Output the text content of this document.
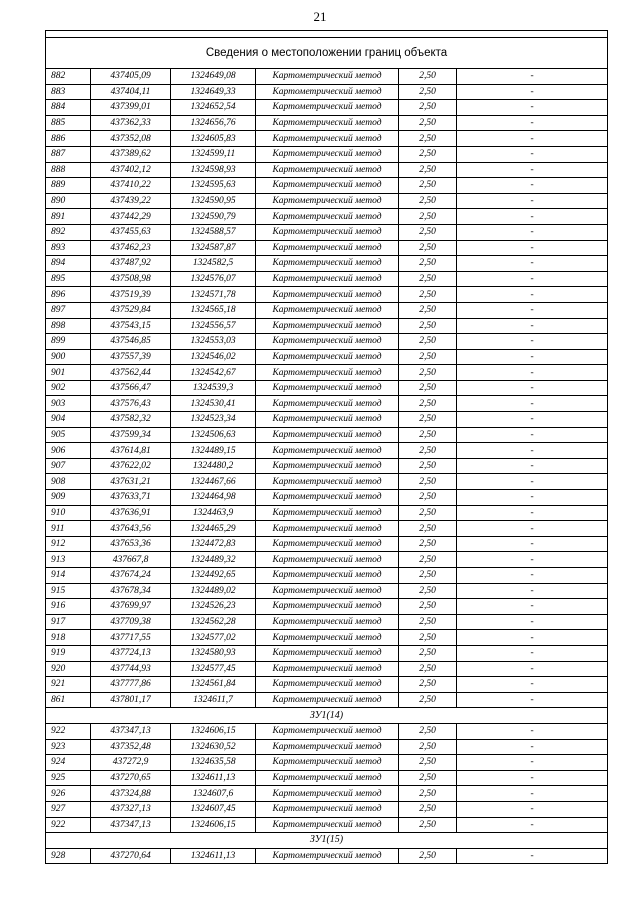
21

Сведения о местоположении границ объекта					
882	437405,09	1324649,08	Картометрический метод	2,50	-
883	437404,11	1324649,33	Картометрический метод	2,50	-
884	437399,01	1324652,54	Картометрический метод	2,50	-
885	437362,33	1324656,76	Картометрический метод	2,50	-
886	437352,08	1324605,83	Картометрический метод	2,50	-
887	437389,62	1324599,11	Картометрический метод	2,50	-
888	437402,12	1324598,93	Картометрический метод	2,50	-
889	437410,22	1324595,63	Картометрический метод	2,50	-
890	437439,22	1324590,95	Картометрический метод	2,50	-
891	437442,29	1324590,79	Картометрический метод	2,50	-
892	437455,63	1324588,57	Картометрический метод	2,50	-
893	437462,23	1324587,87	Картометрический метод	2,50	-
894	437487,92	1324582,5	Картометрический метод	2,50	-
895	437508,98	1324576,07	Картометрический метод	2,50	-
896	437519,39	1324571,78	Картометрический метод	2,50	-
897	437529,84	1324565,18	Картометрический метод	2,50	-
898	437543,15	1324556,57	Картометрический метод	2,50	-
899	437546,85	1324553,03	Картометрический метод	2,50	-
900	437557,39	1324546,02	Картометрический метод	2,50	-
901	437562,44	1324542,67	Картометрический метод	2,50	-
902	437566,47	1324539,3	Картометрический метод	2,50	-
903	437576,43	1324530,41	Картометрический метод	2,50	-
904	437582,32	1324523,34	Картометрический метод	2,50	-
905	437599,34	1324506,63	Картометрический метод	2,50	-
906	437614,81	1324489,15	Картометрический метод	2,50	-
907	437622,02	1324480,2	Картометрический метод	2,50	-
908	437631,21	1324467,66	Картометрический метод	2,50	-
909	437633,71	1324464,98	Картометрический метод	2,50	-
910	437636,91	1324463,9	Картометрический метод	2,50	-
911	437643,56	1324465,29	Картометрический метод	2,50	-
912	437653,36	1324472,83	Картометрический метод	2,50	-
913	437667,8	1324489,32	Картометрический метод	2,50	-
914	437674,24	1324492,65	Картометрический метод	2,50	-
915	437678,34	1324489,02	Картометрический метод	2,50	-
916	437699,97	1324526,23	Картометрический метод	2,50	-
917	437709,38	1324562,28	Картометрический метод	2,50	-
918	437717,55	1324577,02	Картометрический метод	2,50	-
919	437724,13	1324580,93	Картометрический метод	2,50	-
920	437744,93	1324577,45	Картометрический метод	2,50	-
921	437777,86	1324561,84	Картометрический метод	2,50	-
861	437801,17	1324611,7	Картометрический метод	2,50	-
ЗУ1(14)					
922	437347,13	1324606,15	Картометрический метод	2,50	-
923	437352,48	1324630,52	Картометрический метод	2,50	-
924	437272,9	1324635,58	Картометрический метод	2,50	-
925	437270,65	1324611,13	Картометрический метод	2,50	-
926	437324,88	1324607,6	Картометрический метод	2,50	-
927	437327,13	1324607,45	Картометрический метод	2,50	-
922	437347,13	1324606,15	Картометрический метод	2,50	-
ЗУ1(15)					
928	437270,64	1324611,13	Картометрический метод	2,50	-
